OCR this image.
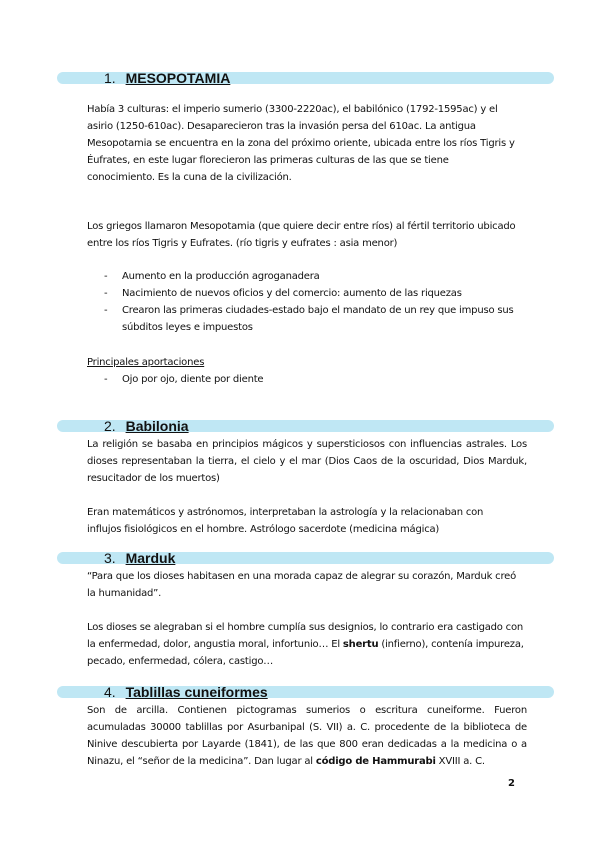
1. MESOPOTAMIA
Había 3 culturas: el imperio sumerio (3300-2220ac), el babilónico (1792-1595ac) y el asirio (1250-610ac). Desaparecieron tras la invasión persa del 610ac. La antigua Mesopotamia se encuentra en la zona del próximo oriente, ubicada entre los ríos Tigris y Éufrates, en este lugar florecieron las primeras culturas de las que se tiene conocimiento. Es la cuna de la civilización.
Los griegos llamaron Mesopotamia (que quiere decir entre ríos) al fértil territorio ubicado entre los ríos Tigris y Eufrates. (río tigris y eufrates : asia menor)
- Aumento en la producción agroganadera
- Nacimiento de nuevos oficios y del comercio: aumento de las riquezas
- Crearon las primeras ciudades-estado bajo el mandato de un rey que impuso sus súbditos leyes e impuestos
Principales aportaciones
- Ojo por ojo, diente por diente
2. Babilonia
La religión se basaba en principios mágicos y supersticiosos con influencias astrales. Los dioses representaban la tierra, el cielo y el mar (Dios Caos de la oscuridad, Dios Marduk, resucitador de los muertos)
Eran matemáticos y astrónomos, interpretaban la astrología y la relacionaban con influjos fisiológicos en el hombre. Astrólogo sacerdote (medicina mágica)
3. Marduk
“Para que los dioses habitasen en una morada capaz de alegrar su corazón, Marduk creó la humanidad”.
Los dioses se alegraban si el hombre cumplía sus designios, lo contrario era castigado con la enfermedad, dolor, angustia moral, infortunio… El shertu (infierno), contenía impureza, pecado, enfermedad, cólera, castigo…
4. Tablillas cuneiformes
Son de arcilla. Contienen pictogramas sumerios o escritura cuneiforme. Fueron acumuladas 30000 tablillas por Asurbanipal (S. VII) a. C. procedente de la biblioteca de Ninive descubierta por Layarde (1841), de las que 800 eran dedicadas a la medicina o a Ninazu, el “señor de la medicina”. Dan lugar al código de Hammurabi XVIII a. C.
2
